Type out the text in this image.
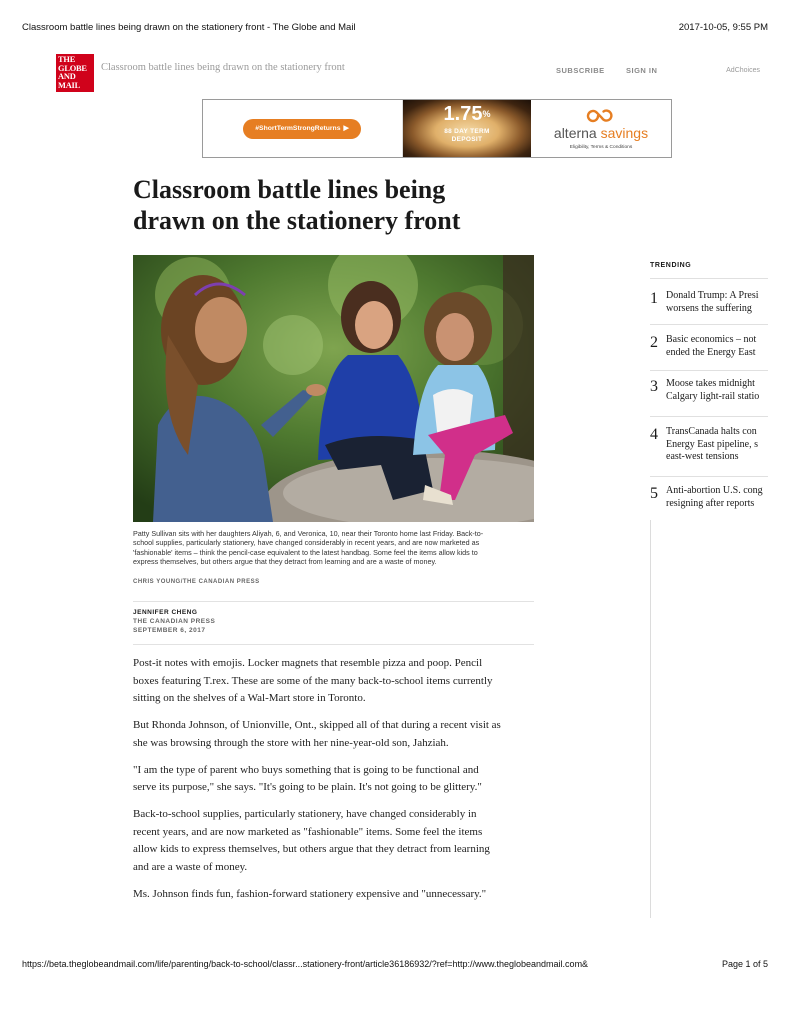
Classroom battle lines being drawn on the stationery front - The Globe and Mail	2017-10-05, 9:55 PM
THE
GLOBE
AND
MAIL
Classroom battle lines being drawn on the stationery front	SUBSCRIBE	SIGN IN	AdChoices
#ShortTermStrongReturns ▶
1.75%
88 DAY TERM
DEPOSIT	alterna savings
Eligibility, Terms & Conditions
Classroom battle lines being
drawn on the stationery front
Patty Sullivan sits with her daughters Aliyah, 6, and Veronica, 10, near their Toronto home last Friday. Back-to-
school supplies, particularly stationery, have changed considerably in recent years, and are now marketed as
'fashionable' items – think the pencil-case equivalent to the latest handbag. Some feel the items allow kids to
express themselves, but others argue that they detract from learning and are a waste of money.
CHRIS YOUNG/THE CANADIAN PRESS
JENNIFER CHENG
THE CANADIAN PRESS
SEPTEMBER 6, 2017

Post-it notes with emojis. Locker magnets that resemble pizza and poop. Pencil
boxes featuring T.rex. These are some of the many back-to-school items currently
sitting on the shelves of a Wal-Mart store in Toronto.

But Rhonda Johnson, of Unionville, Ont., skipped all of that during a recent visit as
she was browsing through the store with her nine-year-old son, Jahziah.

"I am the type of parent who buys something that is going to be functional and
serve its purpose," she says. "It's going to be plain. It's not going to be glittery."

Back-to-school supplies, particularly stationery, have changed considerably in
recent years, and are now marketed as "fashionable" items. Some feel the items
allow kids to express themselves, but others argue that they detract from learning
and are a waste of money.

Ms. Johnson finds fun, fashion-forward stationery expensive and "unnecessary."

TRENDING
1 Donald Trump: A Presi
worsens the suffering
2 Basic economics – not
ended the Energy East
3 Moose takes midnight
Calgary light-rail statio
4 TransCanada halts con
Energy East pipeline, s
east-west tensions
5 Anti-abortion U.S. cong
resigning after reports
https://beta.theglobeandmail.com/life/parenting/back-to-school/classr...stationery-front/article36186932/?ref=http://www.theglobeandmail.com&	Page 1 of 5
